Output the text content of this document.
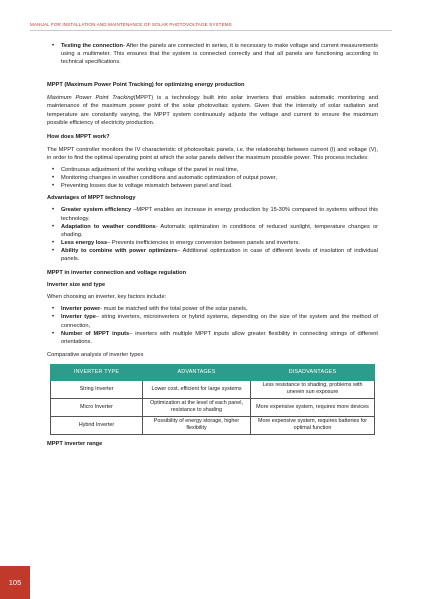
MANUAL FOR INSTALLATION AND MAINTENANCE OF SOLAR PHOTOVOLTAGE SYSTEMS
• Testing the connection- After the panels are connected in series, it is necessary to make voltage and current measurements using a multimeter. This ensures that the system is connected correctly and that all panels are functioning according to technical specifications.

MPPT (Maximum Power Point Tracking) for optimizing energy production

Maximum Power Point Tracking(MPPT) is a technology built into solar inverters that enables automatic monitoring and maintenance of the maximum power point of the solar photovoltaic system. Given that the intensity of solar radiation and temperature are constantly varying, the MPPT system continuously adjusts the voltage and current to ensure the maximum possible efficiency of electricity production.

How does MPPT work?

The MPPT controller monitors the IV characteristic of photovoltaic panels, i.e. the relationship between current (I) and voltage (V), in order to find the optimal operating point at which the solar panels deliver the maximum possible power. This process includes:

• Continuous adjustment of the working voltage of the panel in real time,
• Monitoring changes in weather conditions and automatic optimization of output power,
• Preventing losses due to voltage mismatch between panel and load.

Advantages of MPPT technology

• Greater system efficiency –MPPT enables an increase in energy production by 15-30% compared to systems without this technology.
• Adaptation to weather conditions- Automatic optimization in conditions of reduced sunlight, temperature changes or shading.
• Less energy loss– Prevents inefficiencies in energy conversion between panels and inverters.
• Ability to combine with power optimizers– Additional optimization in case of different levels of insolation of individual panels.

MPPT in inverter connection and voltage regulation

Inverter size and type

When choosing an inverter, key factors include:

• Inverter power- must be matched with the total power of the solar panels,
• Inverter type– string inverters, microinverters or hybrid systems, depending on the size of the system and the method of connection,
• Number of MPPT inputs– inverters with multiple MPPT inputs allow greater flexibility in connecting strings of different orientations.

Comparative analysis of inverter types

INVERTER TYPE	ADVANTAGES	DISADVANTAGES
String Inverter	Lower cost, efficient for large systems	Less resistance to shading, problems with uneven sun exposure
Micro Inverter	Optimization at the level of each panel, resistance to shading	More expensive system, requires more devices
Hybrid Inverter	Possibility of energy storage, higher flexibility	More expensive system, requires batteries for optimal function

MPPT inverter range

105
